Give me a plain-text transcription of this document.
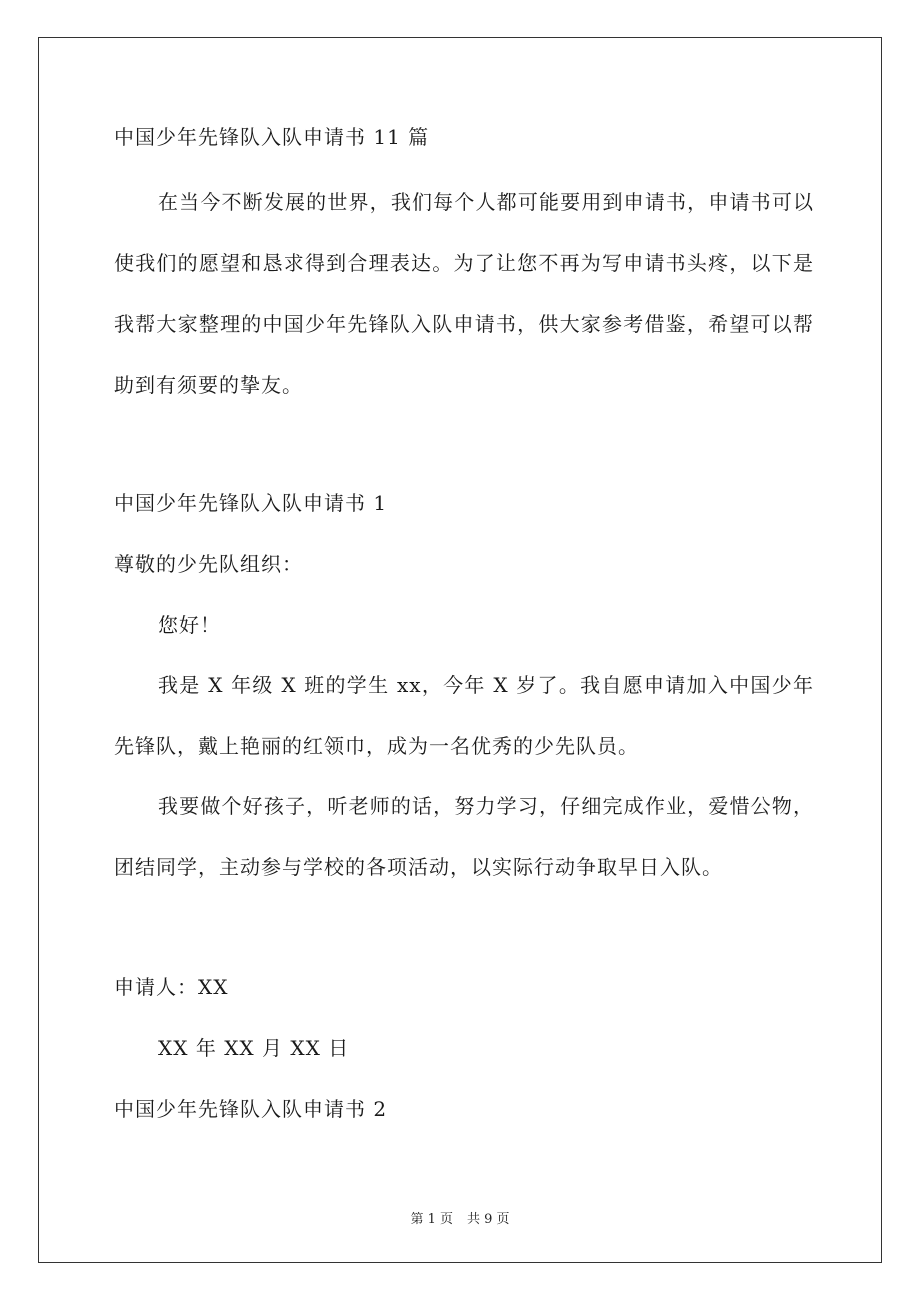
中国少年先锋队入队申请书 11 篇
在当今不断发展的世界，我们每个人都可能要用到申请书，申请书可以使我们的愿望和恳求得到合理表达。为了让您不再为写申请书头疼，以下是我帮大家整理的中国少年先锋队入队申请书，供大家参考借鉴，希望可以帮助到有须要的挚友。
中国少年先锋队入队申请书 1
尊敬的少先队组织：
您好！
我是 X 年级 X 班的学生 xx，今年 X 岁了。我自愿申请加入中国少年先锋队，戴上艳丽的红领巾，成为一名优秀的少先队员。
我要做个好孩子，听老师的话，努力学习，仔细完成作业，爱惜公物，团结同学，主动参与学校的各项活动，以实际行动争取早日入队。
申请人：XX
XX 年 XX 月 XX 日
中国少年先锋队入队申请书 2
第 1 页 共 9 页
